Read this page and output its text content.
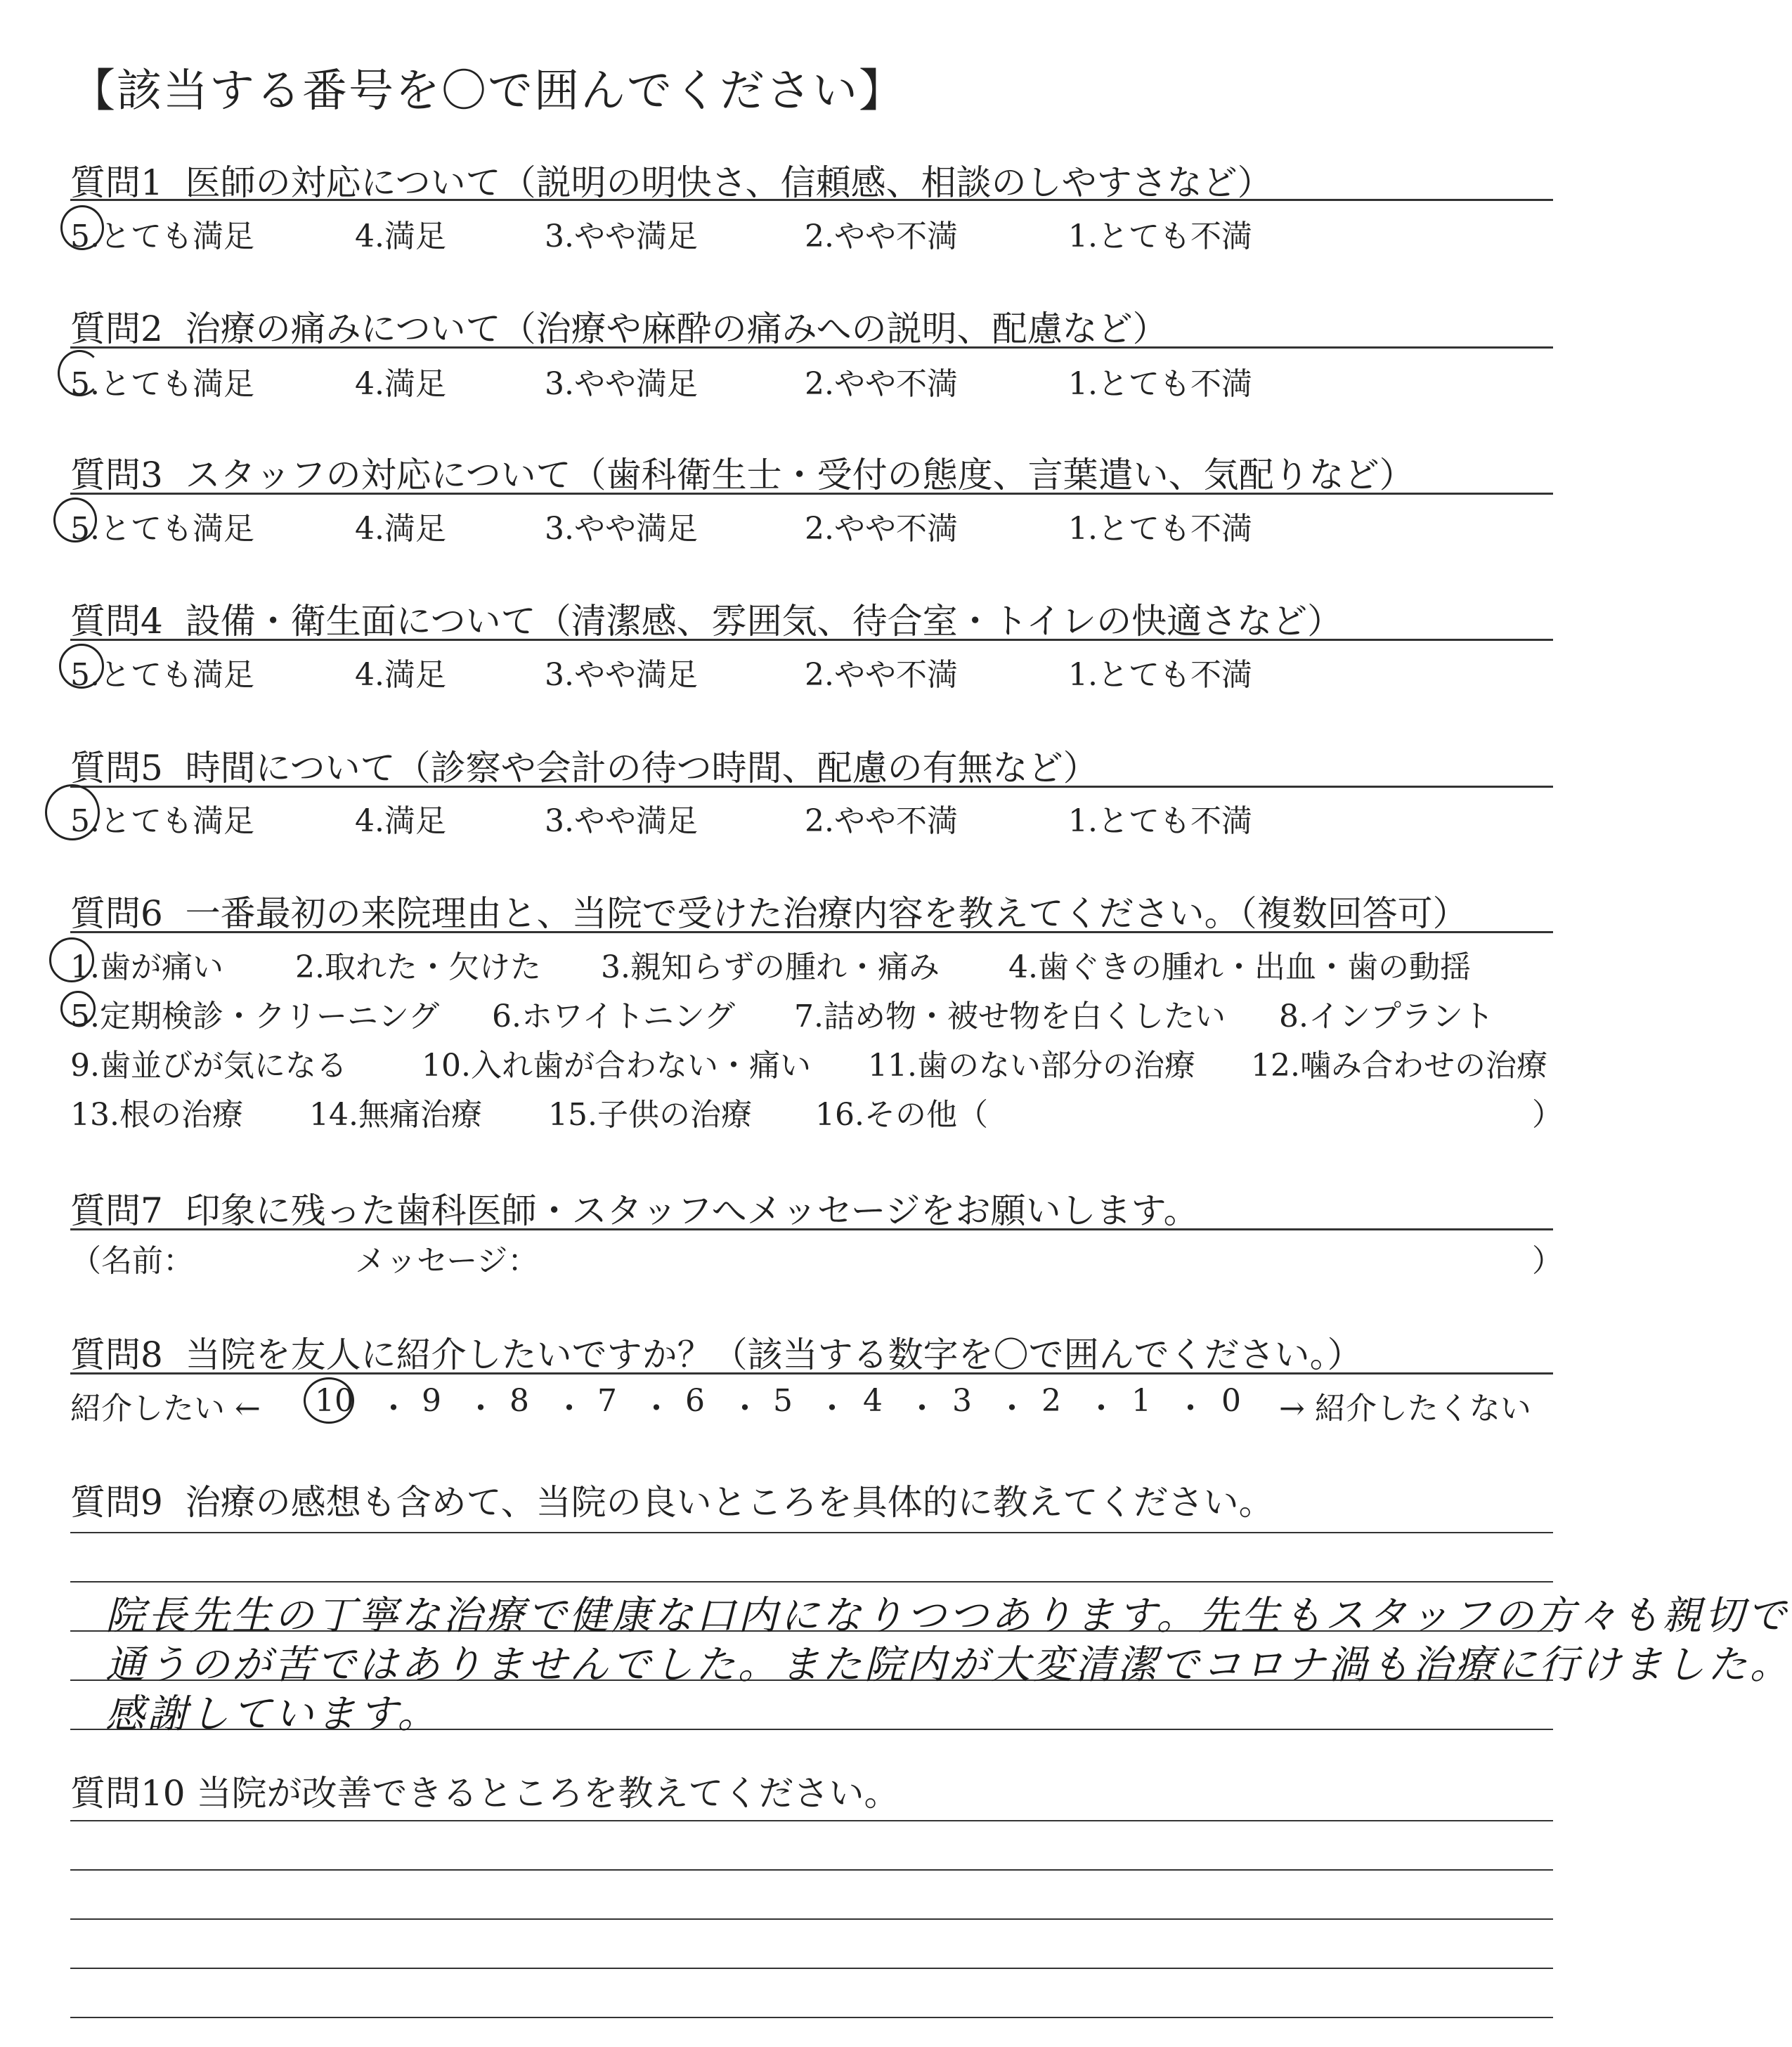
【該当する番号を〇で囲んでください】
質問1 医師の対応について（説明の明快さ、信頼感、相談のしやすさなど）
5.とても満足	4.満足	3.やや満足	2.やや不満	1.とても不満
質問2 治療の痛みについて（治療や麻酔の痛みへの説明、配慮など）
5.とても満足	4.満足	3.やや満足	2.やや不満	1.とても不満
質問3 スタッフの対応について（歯科衛生士・受付の態度、言葉遣い、気配りなど）
5.とても満足	4.満足	3.やや満足	2.やや不満	1.とても不満
質問4 設備・衛生面について（清潔感、雰囲気、待合室・トイレの快適さなど）
5.とても満足	4.満足	3.やや満足	2.やや不満	1.とても不満
質問5 時間について（診察や会計の待つ時間、配慮の有無など）
5.とても満足	4.満足	3.やや満足	2.やや不満	1.とても不満
質問6 一番最初の来院理由と、当院で受けた治療内容を教えてください。（複数回答可）
1.歯が痛い 2.取れた・欠けた 3.親知らずの腫れ・痛み 4.歯ぐきの腫れ・出血・歯の動揺
5.定期検診・クリーニング 6.ホワイトニング 7.詰め物・被せ物を白くしたい 8.インプラント
9.歯並びが気になる 10.入れ歯が合わない・痛い 11.歯のない部分の治療 12.噛み合わせの治療
13.根の治療 14.無痛治療 15.子供の治療 16.その他（	）
質問7 印象に残った歯科医師・スタッフへメッセージをお願いします。
（名前：	メッセージ：	）
質問8 当院を友人に紹介したいですか？（該当する数字を〇で囲んでください。）
紹介したい ←	→ 紹介したくない
10 ・ 9 ・ 8 ・ 7 ・ 6 ・ 5 ・ 4 ・ 3 ・ 2 ・ 1 ・ 0
質問9 治療の感想も含めて、当院の良いところを具体的に教えてください。
院長先生の丁寧な治療で健康な口内になりつつあります。先生もスタッフの方々も親切で
通うのが苦ではありませんでした。また院内が大変清潔でコロナ渦も治療に行けました。
感謝しています。
質問10 当院が改善できるところを教えてください。
